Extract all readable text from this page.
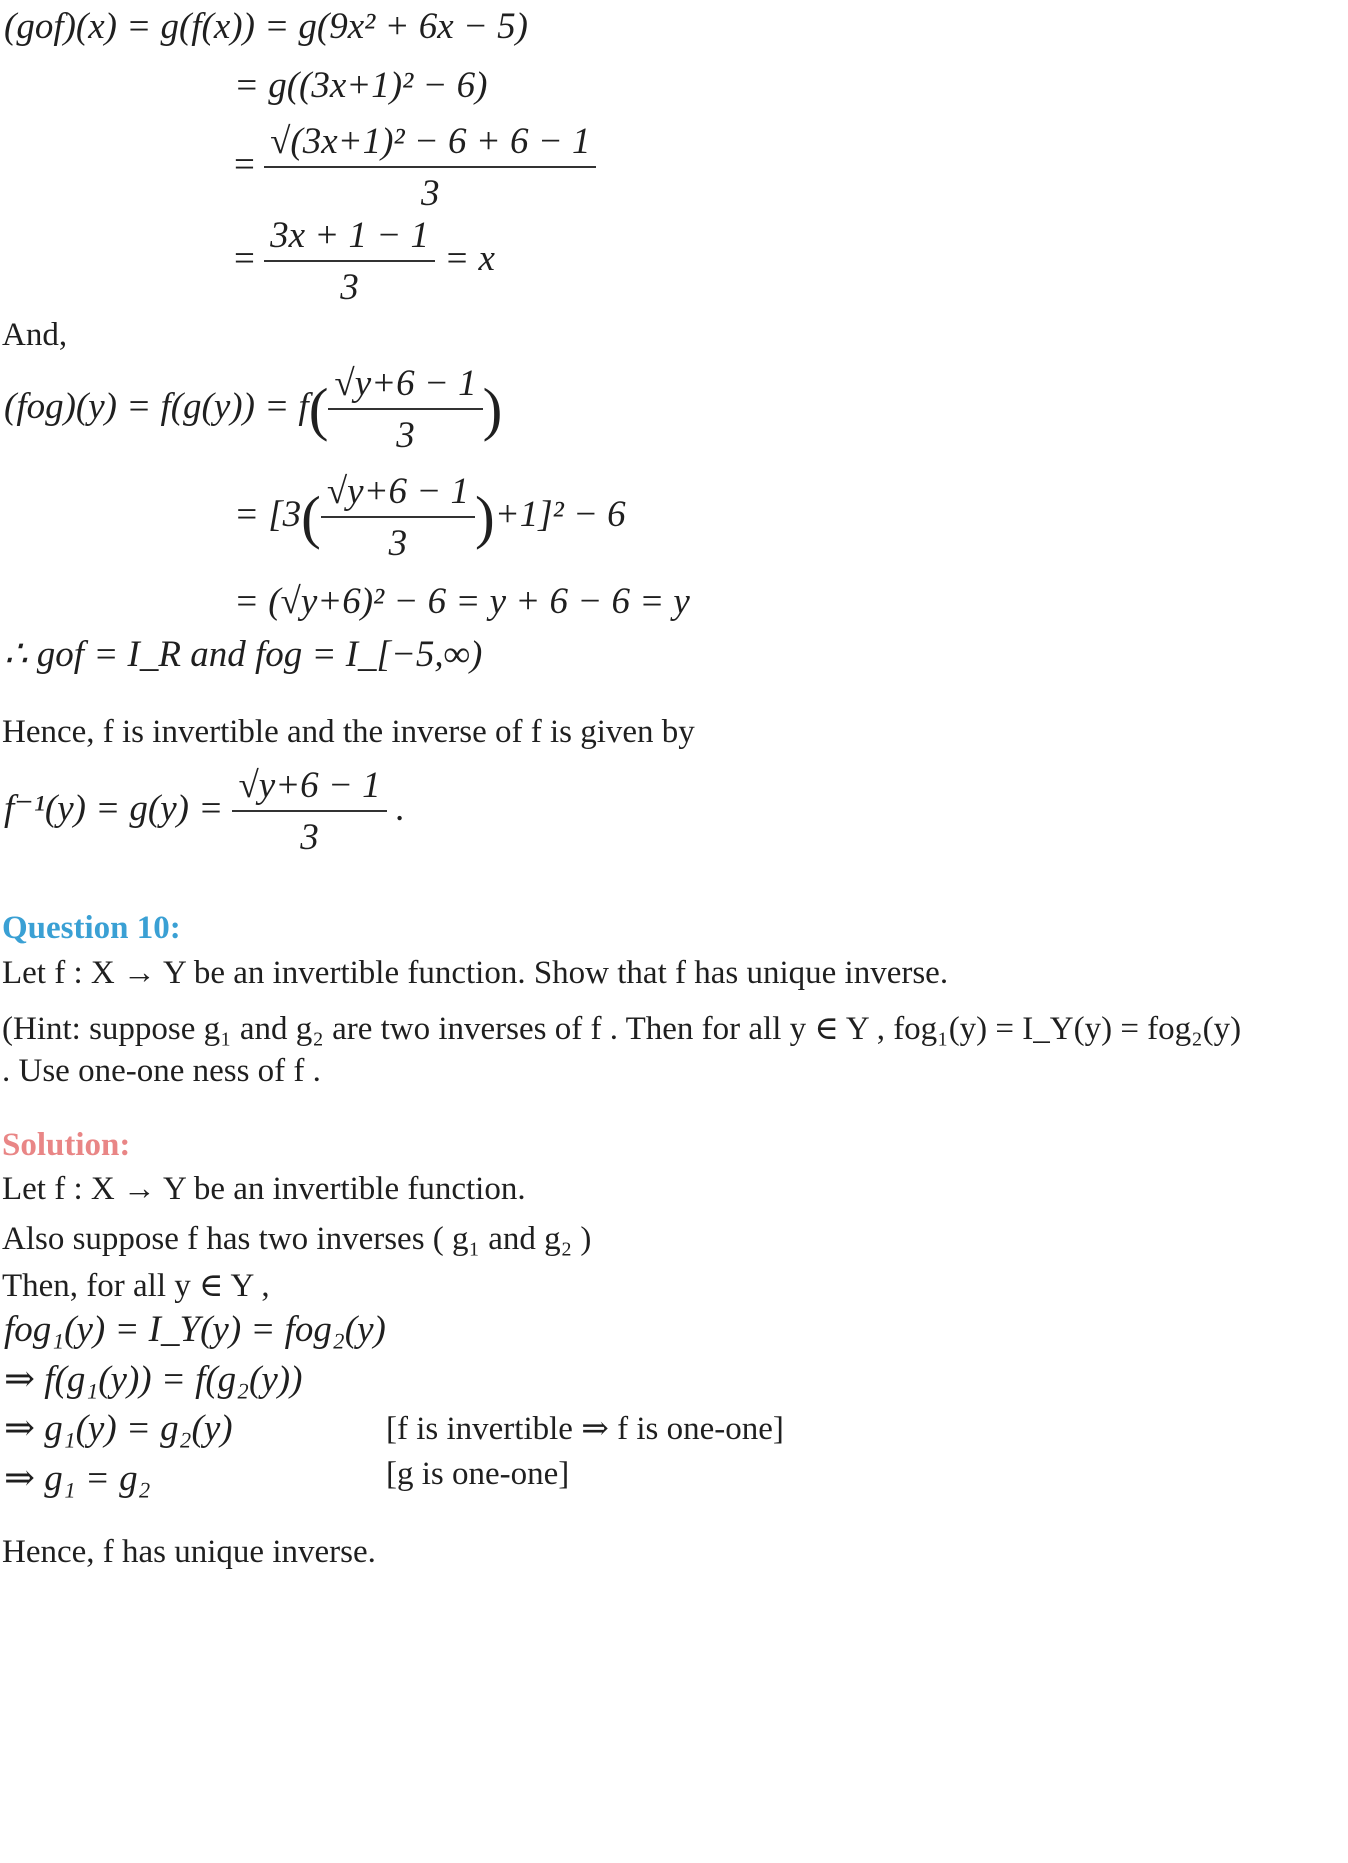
(gof)(x) = g(f(x)) = g(9x² + 6x − 5)
= g((3x+1)² − 6)
= $\frac{\text{√(3x+1)² − 6 + 6 − 1}}{3}$
= $\frac{3x + 1 - 1}{3} = x$
And,
$(fog)(y) = f(g(y)) = f( \frac{√y+6 - 1}{3}$ )
= $[3( \frac{√y+6 - 1}{3} )+1]^2 - 6$
= (√y+6)² − 6 = y + 6 − 6 = y
∴ gof = I_R and fog = I_[−5,∞)
Hence, f is invertible and the inverse of f is given by
$f^{-1}(y) = g(y) = \frac{√y+6 - 1}{3}$ .
Question 10:
Let f : X → Y be an invertible function. Show that f has unique inverse.
(Hint: suppose g₁ and g₂ are two inverses of f . Then for all y ∈ Y , fog₁(y) = I_Y(y) = fog₂(y)
. Use one-one ness of f .
Solution:
Let f : X → Y be an invertible function.
Also suppose f has two inverses ( g₁ and g₂ )
Then, for all y ∈ Y ,
fog₁(y) = I_Y(y) = fog₂(y)
⇒ f(g₁(y)) = f(g₂(y))
⇒ g₁(y) = g₂(y)	[f is invertible ⇒ f is one-one]
⇒ g₁ = g₂	[g is one-one]
Hence, f has unique inverse.
